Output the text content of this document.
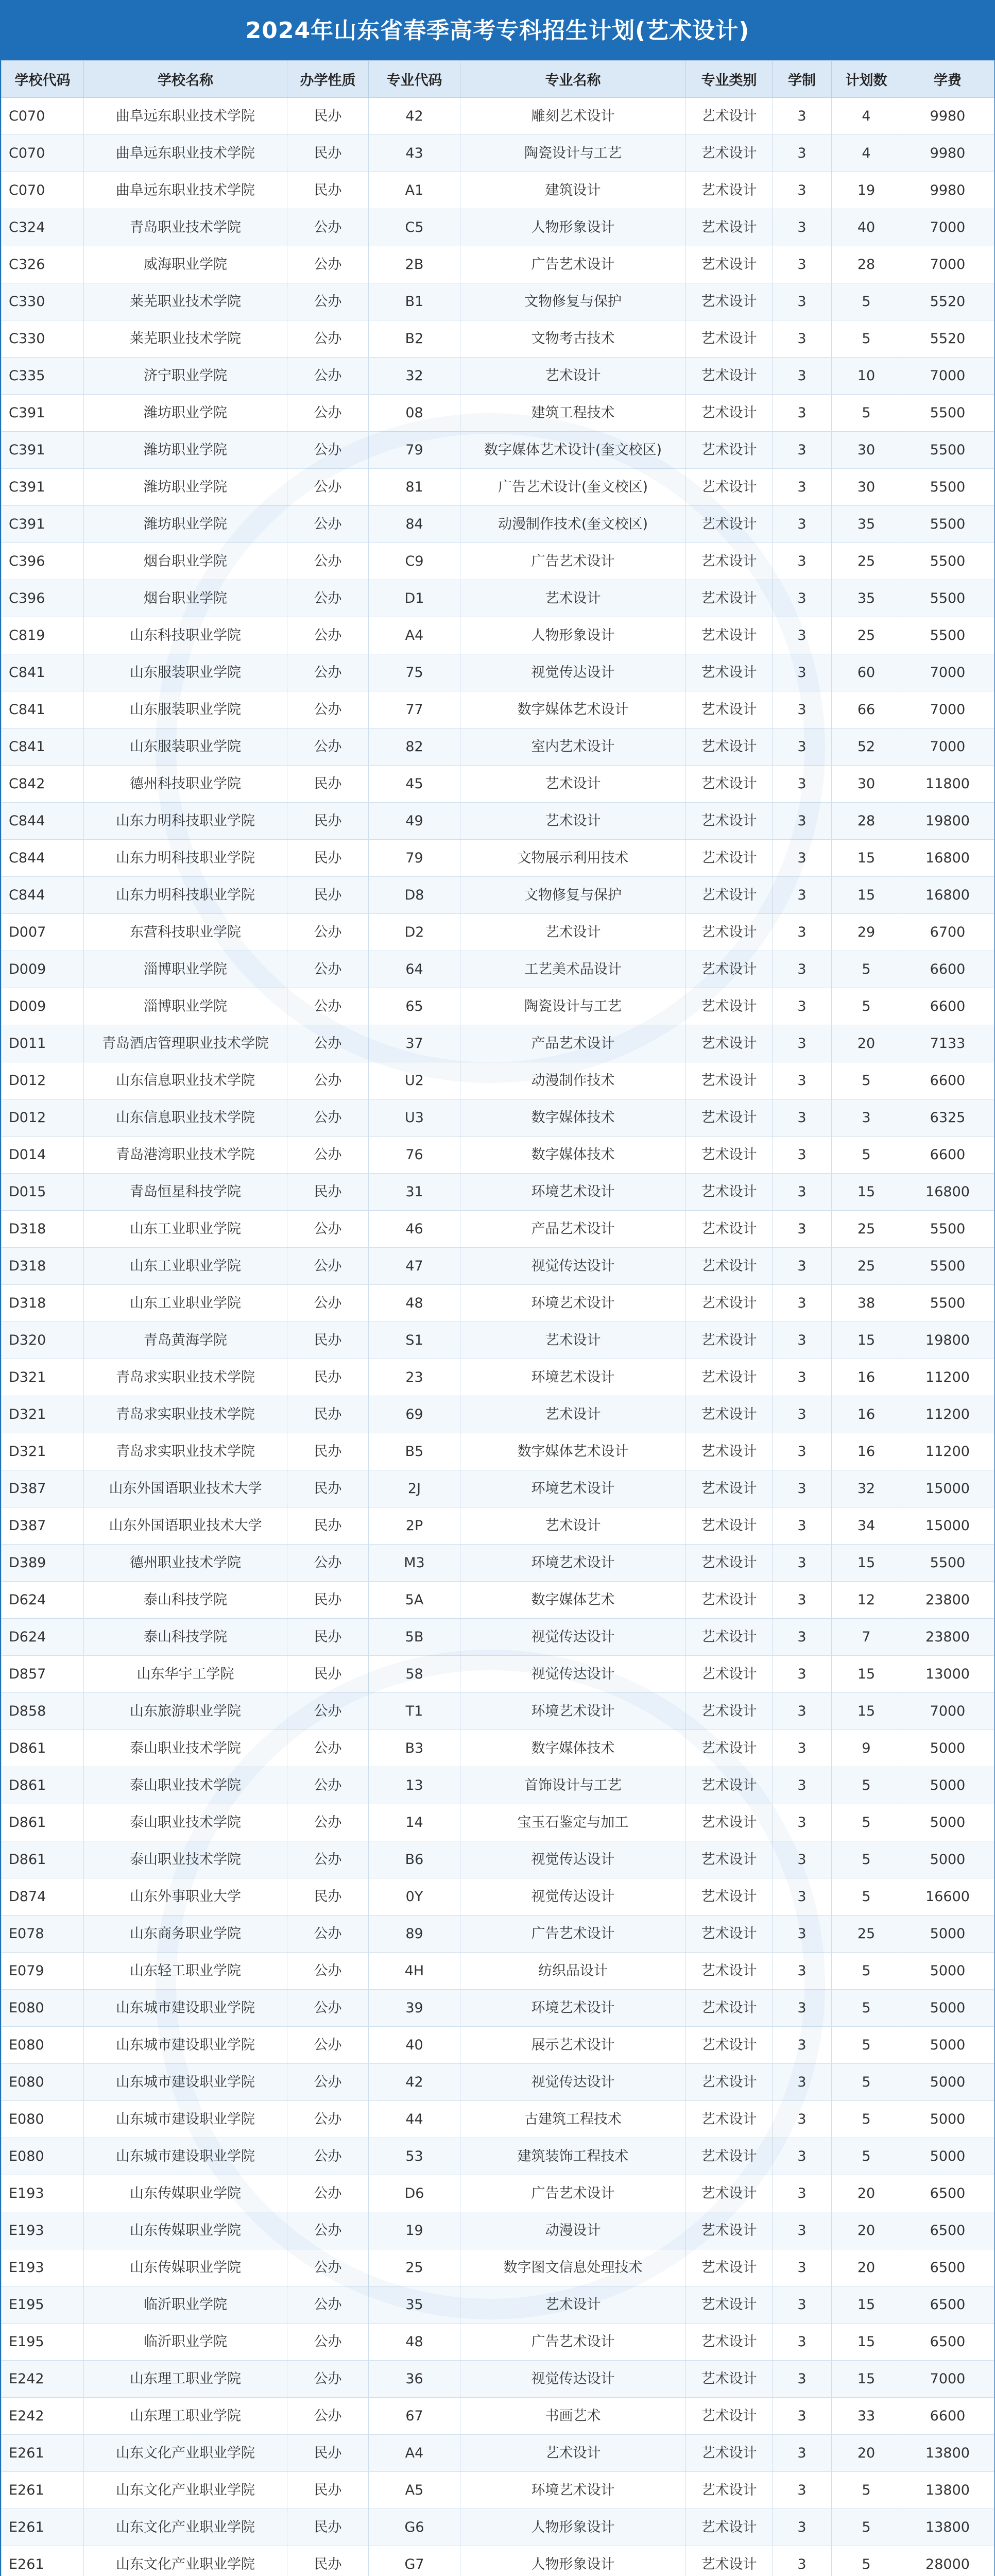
2024年山东省春季高考专科招生计划(艺术设计)
学校代码	学校名称	办学性质	专业代码	专业名称	专业类别	学制	计划数	学费
C070	曲阜远东职业技术学院	民办	42	雕刻艺术设计	艺术设计	3	4	9980
C070	曲阜远东职业技术学院	民办	43	陶瓷设计与工艺	艺术设计	3	4	9980
C070	曲阜远东职业技术学院	民办	A1	建筑设计	艺术设计	3	19	9980
C324	青岛职业技术学院	公办	C5	人物形象设计	艺术设计	3	40	7000
C326	威海职业学院	公办	2B	广告艺术设计	艺术设计	3	28	7000
C330	莱芜职业技术学院	公办	B1	文物修复与保护	艺术设计	3	5	5520
C330	莱芜职业技术学院	公办	B2	文物考古技术	艺术设计	3	5	5520
C335	济宁职业学院	公办	32	艺术设计	艺术设计	3	10	7000
C391	潍坊职业学院	公办	08	建筑工程技术	艺术设计	3	5	5500
C391	潍坊职业学院	公办	79	数字媒体艺术设计(奎文校区)	艺术设计	3	30	5500
C391	潍坊职业学院	公办	81	广告艺术设计(奎文校区)	艺术设计	3	30	5500
C391	潍坊职业学院	公办	84	动漫制作技术(奎文校区)	艺术设计	3	35	5500
C396	烟台职业学院	公办	C9	广告艺术设计	艺术设计	3	25	5500
C396	烟台职业学院	公办	D1	艺术设计	艺术设计	3	35	5500
C819	山东科技职业学院	公办	A4	人物形象设计	艺术设计	3	25	5500
C841	山东服装职业学院	公办	75	视觉传达设计	艺术设计	3	60	7000
C841	山东服装职业学院	公办	77	数字媒体艺术设计	艺术设计	3	66	7000
C841	山东服装职业学院	公办	82	室内艺术设计	艺术设计	3	52	7000
C842	德州科技职业学院	民办	45	艺术设计	艺术设计	3	30	11800
C844	山东力明科技职业学院	民办	49	艺术设计	艺术设计	3	28	19800
C844	山东力明科技职业学院	民办	79	文物展示利用技术	艺术设计	3	15	16800
C844	山东力明科技职业学院	民办	D8	文物修复与保护	艺术设计	3	15	16800
D007	东营科技职业学院	公办	D2	艺术设计	艺术设计	3	29	6700
D009	淄博职业学院	公办	64	工艺美术品设计	艺术设计	3	5	6600
D009	淄博职业学院	公办	65	陶瓷设计与工艺	艺术设计	3	5	6600
D011	青岛酒店管理职业技术学院	公办	37	产品艺术设计	艺术设计	3	20	7133
D012	山东信息职业技术学院	公办	U2	动漫制作技术	艺术设计	3	5	6600
D012	山东信息职业技术学院	公办	U3	数字媒体技术	艺术设计	3	3	6325
D014	青岛港湾职业技术学院	公办	76	数字媒体技术	艺术设计	3	5	6600
D015	青岛恒星科技学院	民办	31	环境艺术设计	艺术设计	3	15	16800
D318	山东工业职业学院	公办	46	产品艺术设计	艺术设计	3	25	5500
D318	山东工业职业学院	公办	47	视觉传达设计	艺术设计	3	25	5500
D318	山东工业职业学院	公办	48	环境艺术设计	艺术设计	3	38	5500
D320	青岛黄海学院	民办	S1	艺术设计	艺术设计	3	15	19800
D321	青岛求实职业技术学院	民办	23	环境艺术设计	艺术设计	3	16	11200
D321	青岛求实职业技术学院	民办	69	艺术设计	艺术设计	3	16	11200
D321	青岛求实职业技术学院	民办	B5	数字媒体艺术设计	艺术设计	3	16	11200
D387	山东外国语职业技术大学	民办	2J	环境艺术设计	艺术设计	3	32	15000
D387	山东外国语职业技术大学	民办	2P	艺术设计	艺术设计	3	34	15000
D389	德州职业技术学院	公办	M3	环境艺术设计	艺术设计	3	15	5500
D624	泰山科技学院	民办	5A	数字媒体艺术	艺术设计	3	12	23800
D624	泰山科技学院	民办	5B	视觉传达设计	艺术设计	3	7	23800
D857	山东华宇工学院	民办	58	视觉传达设计	艺术设计	3	15	13000
D858	山东旅游职业学院	公办	T1	环境艺术设计	艺术设计	3	15	7000
D861	泰山职业技术学院	公办	B3	数字媒体技术	艺术设计	3	9	5000
D861	泰山职业技术学院	公办	13	首饰设计与工艺	艺术设计	3	5	5000
D861	泰山职业技术学院	公办	14	宝玉石鉴定与加工	艺术设计	3	5	5000
D861	泰山职业技术学院	公办	B6	视觉传达设计	艺术设计	3	5	5000
D874	山东外事职业大学	民办	0Y	视觉传达设计	艺术设计	3	5	16600
E078	山东商务职业学院	公办	89	广告艺术设计	艺术设计	3	25	5000
E079	山东轻工职业学院	公办	4H	纺织品设计	艺术设计	3	5	5000
E080	山东城市建设职业学院	公办	39	环境艺术设计	艺术设计	3	5	5000
E080	山东城市建设职业学院	公办	40	展示艺术设计	艺术设计	3	5	5000
E080	山东城市建设职业学院	公办	42	视觉传达设计	艺术设计	3	5	5000
E080	山东城市建设职业学院	公办	44	古建筑工程技术	艺术设计	3	5	5000
E080	山东城市建设职业学院	公办	53	建筑装饰工程技术	艺术设计	3	5	5000
E193	山东传媒职业学院	公办	D6	广告艺术设计	艺术设计	3	20	6500
E193	山东传媒职业学院	公办	19	动漫设计	艺术设计	3	20	6500
E193	山东传媒职业学院	公办	25	数字图文信息处理技术	艺术设计	3	20	6500
E195	临沂职业学院	公办	35	艺术设计	艺术设计	3	15	6500
E195	临沂职业学院	公办	48	广告艺术设计	艺术设计	3	15	6500
E242	山东理工职业学院	公办	36	视觉传达设计	艺术设计	3	15	7000
E242	山东理工职业学院	公办	67	书画艺术	艺术设计	3	33	6600
E261	山东文化产业职业学院	民办	A4	艺术设计	艺术设计	3	20	13800
E261	山东文化产业职业学院	民办	A5	环境艺术设计	艺术设计	3	5	13800
E261	山东文化产业职业学院	民办	G6	人物形象设计	艺术设计	3	5	13800
E261	山东文化产业职业学院	民办	G7	人物形象设计	艺术设计	3	5	28000
